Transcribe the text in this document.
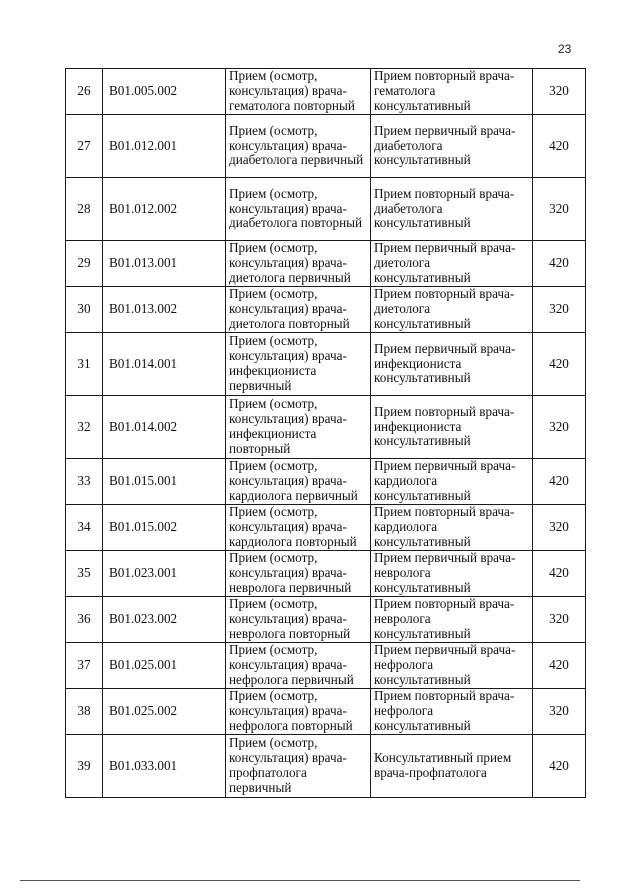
23
26	B01.005.002	Прием (осмотр, консультация) врача-гематолога повторный	Прием повторный врача-гематолога консультативный	320
27	B01.012.001	Прием (осмотр, консультация) врача-диабетолога первичный	Прием первичный врача-диабетолога консультативный	420
28	B01.012.002	Прием (осмотр, консультация) врача-диабетолога повторный	Прием повторный врача-диабетолога консультативный	320
29	B01.013.001	Прием (осмотр, консультация) врача-диетолога первичный	Прием первичный врача-диетолога консультативный	420
30	B01.013.002	Прием (осмотр, консультация) врача-диетолога повторный	Прием повторный врача-диетолога консультативный	320
31	B01.014.001	Прием (осмотр, консультация) врача-инфекциониста первичный	Прием первичный врача-инфекциониста консультативный	420
32	B01.014.002	Прием (осмотр, консультация) врача-инфекциониста повторный	Прием повторный врача-инфекциониста консультативный	320
33	B01.015.001	Прием (осмотр, консультация) врача-кардиолога первичный	Прием первичный врача-кардиолога консультативный	420
34	B01.015.002	Прием (осмотр, консультация) врача-кардиолога повторный	Прием повторный врача-кардиолога консультативный	320
35	B01.023.001	Прием (осмотр, консультация) врача-невролога первичный	Прием первичный врача-невролога консультативный	420
36	B01.023.002	Прием (осмотр, консультация) врача-невролога повторный	Прием повторный врача-невролога консультативный	320
37	B01.025.001	Прием (осмотр, консультация) врача-нефролога первичный	Прием первичный врача-нефролога консультативный	420
38	B01.025.002	Прием (осмотр, консультация) врача-нефролога повторный	Прием повторный врача-нефролога консультативный	320
39	B01.033.001	Прием (осмотр, консультация) врача-профпатолога первичный	Консультативный прием врача-профпатолога	420
